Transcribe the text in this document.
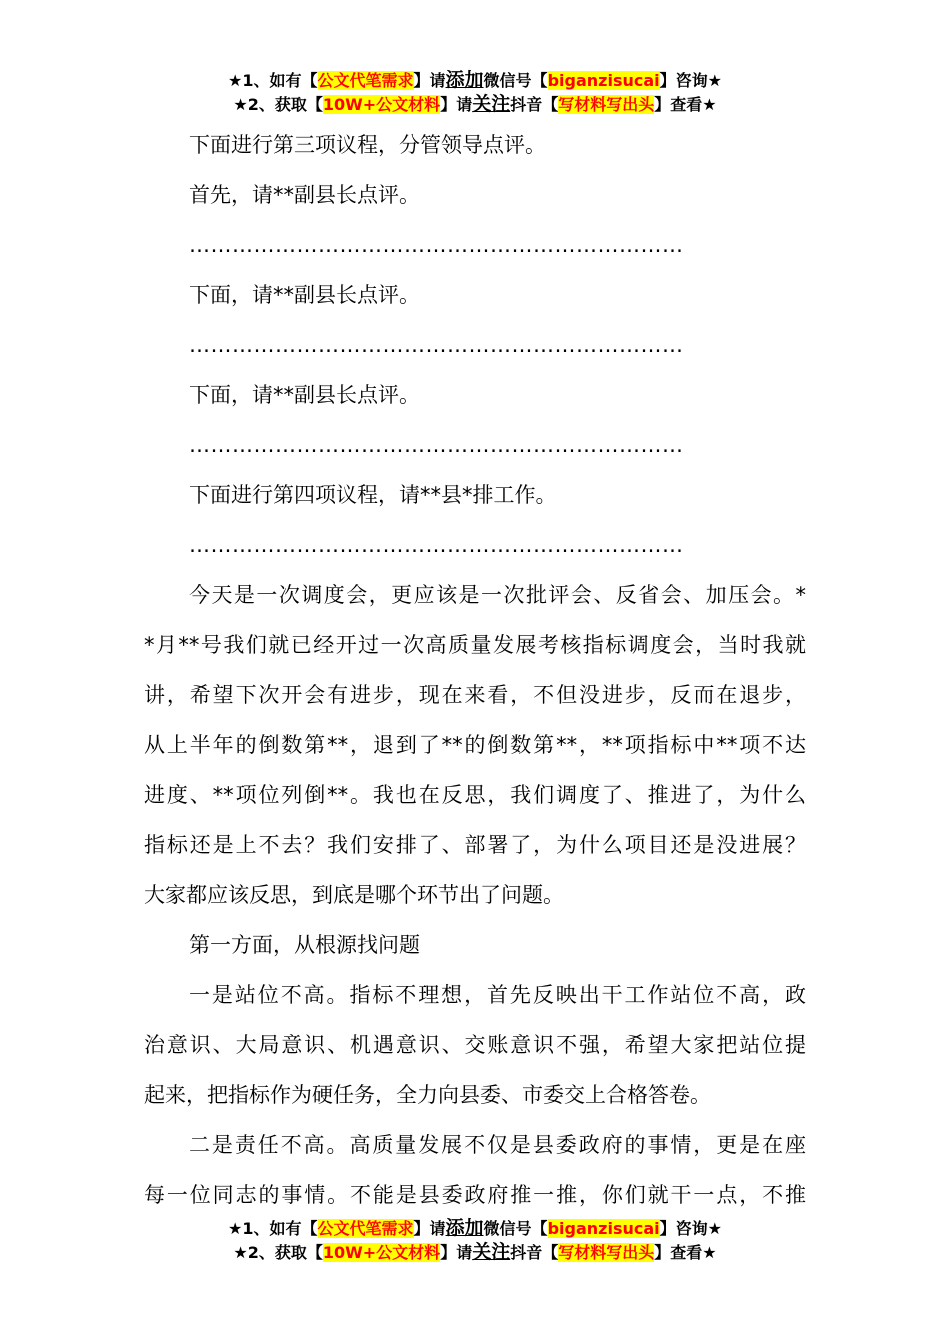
★1、如有【公文代笔需求】请添加微信号【biganzisucai】咨询★
★2、获取【10W+公文材料】请关注抖音【写材料写出头】查看★

下面进行第三项议程，分管领导点评。

首先，请**副县长点评。

……………………………………………………………

下面，请**副县长点评。

……………………………………………………………

下面，请**副县长点评。

……………………………………………………………

下面进行第四项议程，请**县*排工作。

……………………………………………………………

今天是一次调度会，更应该是一次批评会、反省会、加压会。*
*月**号我们就已经开过一次高质量发展考核指标调度会，当时我就
讲，希望下次开会有进步，现在来看，不但没进步，反而在退步，
从上半年的倒数第**，退到了**的倒数第**，**项指标中**项不达
进度、**项位列倒**。我也在反思，我们调度了、推进了，为什么
指标还是上不去？我们安排了、部署了，为什么项目还是没进展？
大家都应该反思，到底是哪个环节出了问题。

第一方面，从根源找问题

一是站位不高。指标不理想，首先反映出干工作站位不高，政
治意识、大局意识、机遇意识、交账意识不强，希望大家把站位提
起来，把指标作为硬任务，全力向县委、市委交上合格答卷。
二是责任不高。高质量发展不仅是县委政府的事情，更是在座
每一位同志的事情。不能是县委政府推一推，你们就干一点，不推
★1、如有【公文代笔需求】请添加微信号【biganzisucai】咨询★
★2、获取【10W+公文材料】请关注抖音【写材料写出头】查看★
